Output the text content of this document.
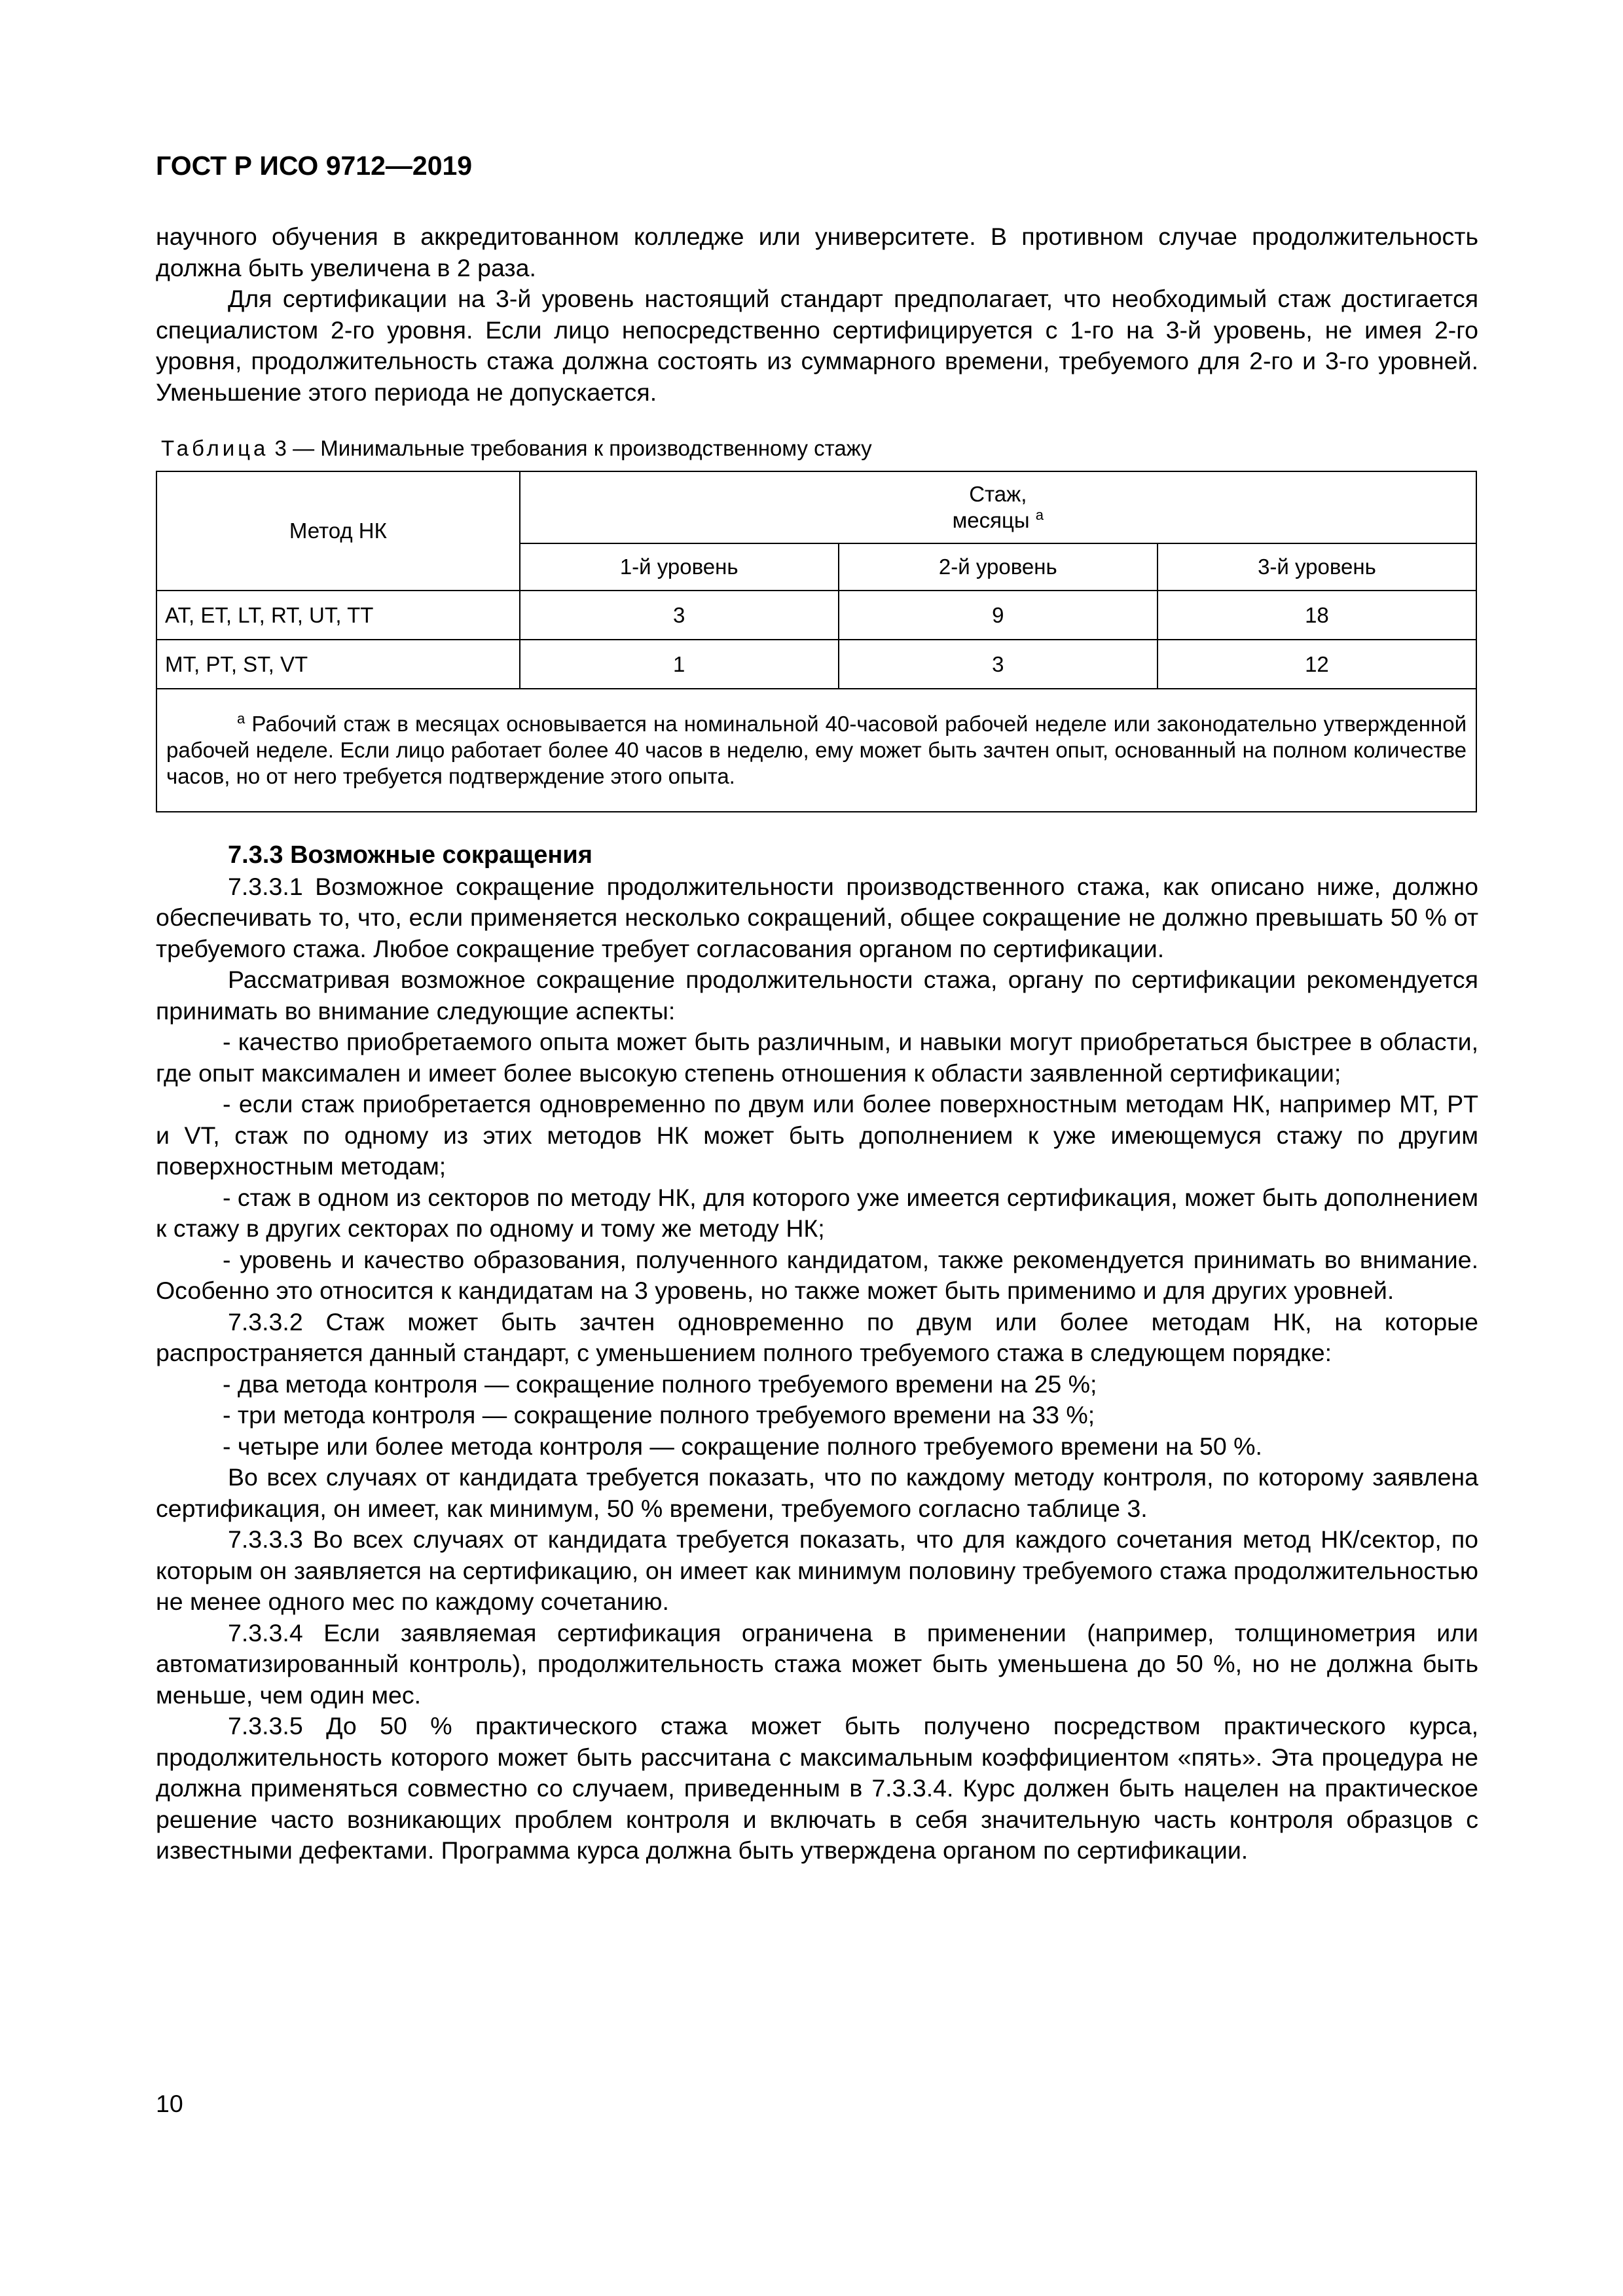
ГОСТ Р ИСО 9712—2019

научного обучения в аккредитованном колледже или университете. В противном случае продолжительность должна быть увеличена в 2 раза.

Для сертификации на 3-й уровень настоящий стандарт предполагает, что необходимый стаж достигается специалистом 2-го уровня. Если лицо непосредственно сертифицируется с 1-го на 3-й уровень, не имея 2-го уровня, продолжительность стажа должна состоять из суммарного времени, требуемого для 2-го и 3-го уровней. Уменьшение этого периода не допускается.

Таблица 3 — Минимальные требования к производственному стажу
Метод НК	Стаж,
месяцы $^a$
	1-й уровень	2-й уровень	3-й уровень
AT, ET, LT, RT, UT, TT	3	9	18
MT, PT, ST, VT	1	3	12

$^a$ Рабочий стаж в месяцах основывается на номинальной 40-часовой рабочей неделе или законодательно утвержденной рабочей неделе. Если лицо работает более 40 часов в неделю, ему может быть зачтен опыт, основанный на полном количестве часов, но от него требуется подтверждение этого опыта.			
7.3.3 Возможные сокращения

7.3.3.1 Возможное сокращение продолжительности производственного стажа, как описано ниже, должно обеспечивать то, что, если применяется несколько сокращений, общее сокращение не должно превышать 50 % от требуемого стажа. Любое сокращение требует согласования органом по сертификации.

Рассматривая возможное сокращение продолжительности стажа, органу по сертификации рекомендуется принимать во внимание следующие аспекты:

- качество приобретаемого опыта может быть различным, и навыки могут приобретаться быстрее в области, где опыт максимален и имеет более высокую степень отношения к области заявленной сертификации;

- если стаж приобретается одновременно по двум или более поверхностным методам НК, например MT, PT и VT, стаж по одному из этих методов НК может быть дополнением к уже имеющемуся стажу по другим поверхностным методам;

- стаж в одном из секторов по методу НК, для которого уже имеется сертификация, может быть дополнением к стажу в других секторах по одному и тому же методу НК;

- уровень и качество образования, полученного кандидатом, также рекомендуется принимать во внимание. Особенно это относится к кандидатам на 3 уровень, но также может быть применимо и для других уровней.

7.3.3.2 Стаж может быть зачтен одновременно по двум или более методам НК, на которые распространяется данный стандарт, с уменьшением полного требуемого стажа в следующем порядке:

- два метода контроля — сокращение полного требуемого времени на 25 %;

- три метода контроля — сокращение полного требуемого времени на 33 %;

- четыре или более метода контроля — сокращение полного требуемого времени на 50 %.

Во всех случаях от кандидата требуется показать, что по каждому методу контроля, по которому заявлена сертификация, он имеет, как минимум, 50 % времени, требуемого согласно таблице 3.

7.3.3.3 Во всех случаях от кандидата требуется показать, что для каждого сочетания метод НК/сектор, по которым он заявляется на сертификацию, он имеет как минимум половину требуемого стажа продолжительностью не менее одного мес по каждому сочетанию.

7.3.3.4 Если заявляемая сертификация ограничена в применении (например, толщинометрия или автоматизированный контроль), продолжительность стажа может быть уменьшена до 50 %, но не должна быть меньше, чем один мес.

7.3.3.5 До 50 % практического стажа может быть получено посредством практического курса, продолжительность которого может быть рассчитана с максимальным коэффициентом «пять». Эта процедура не должна применяться совместно со случаем, приведенным в 7.3.3.4. Курс должен быть нацелен на практическое решение часто возникающих проблем контроля и включать в себя значительную часть контроля образцов с известными дефектами. Программа курса должна быть утверждена органом по сертификации.

10
